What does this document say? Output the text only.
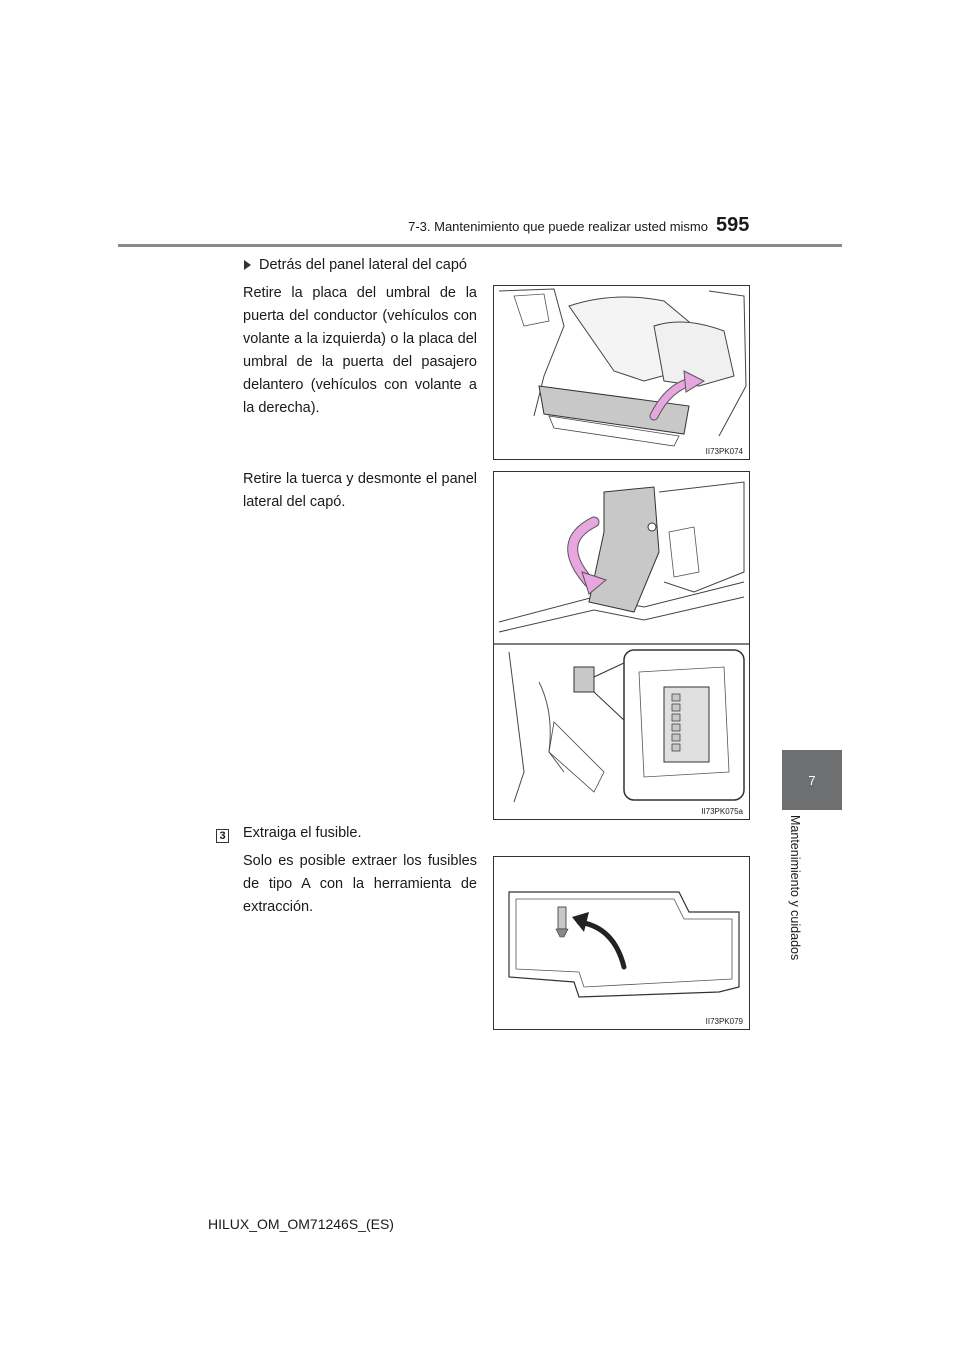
7-3. Mantenimiento que puede realizar usted mismo 595
7
Mantenimiento y cuidados
Detrás del panel lateral del capó
Retire la placa del umbral de la puerta del conductor (vehículos con volante a la izquierda) o la placa del umbral de la puerta del pasajero delantero (vehículos con volante a la derecha).
II73PK074
Retire la tuerca y desmonte el panel lateral del capó.
II73PK075a
3 Extraiga el fusible.
Solo es posible extraer los fusibles de tipo A con la herramienta de extracción.
II73PK079
HILUX_OM_OM71246S_(ES)
